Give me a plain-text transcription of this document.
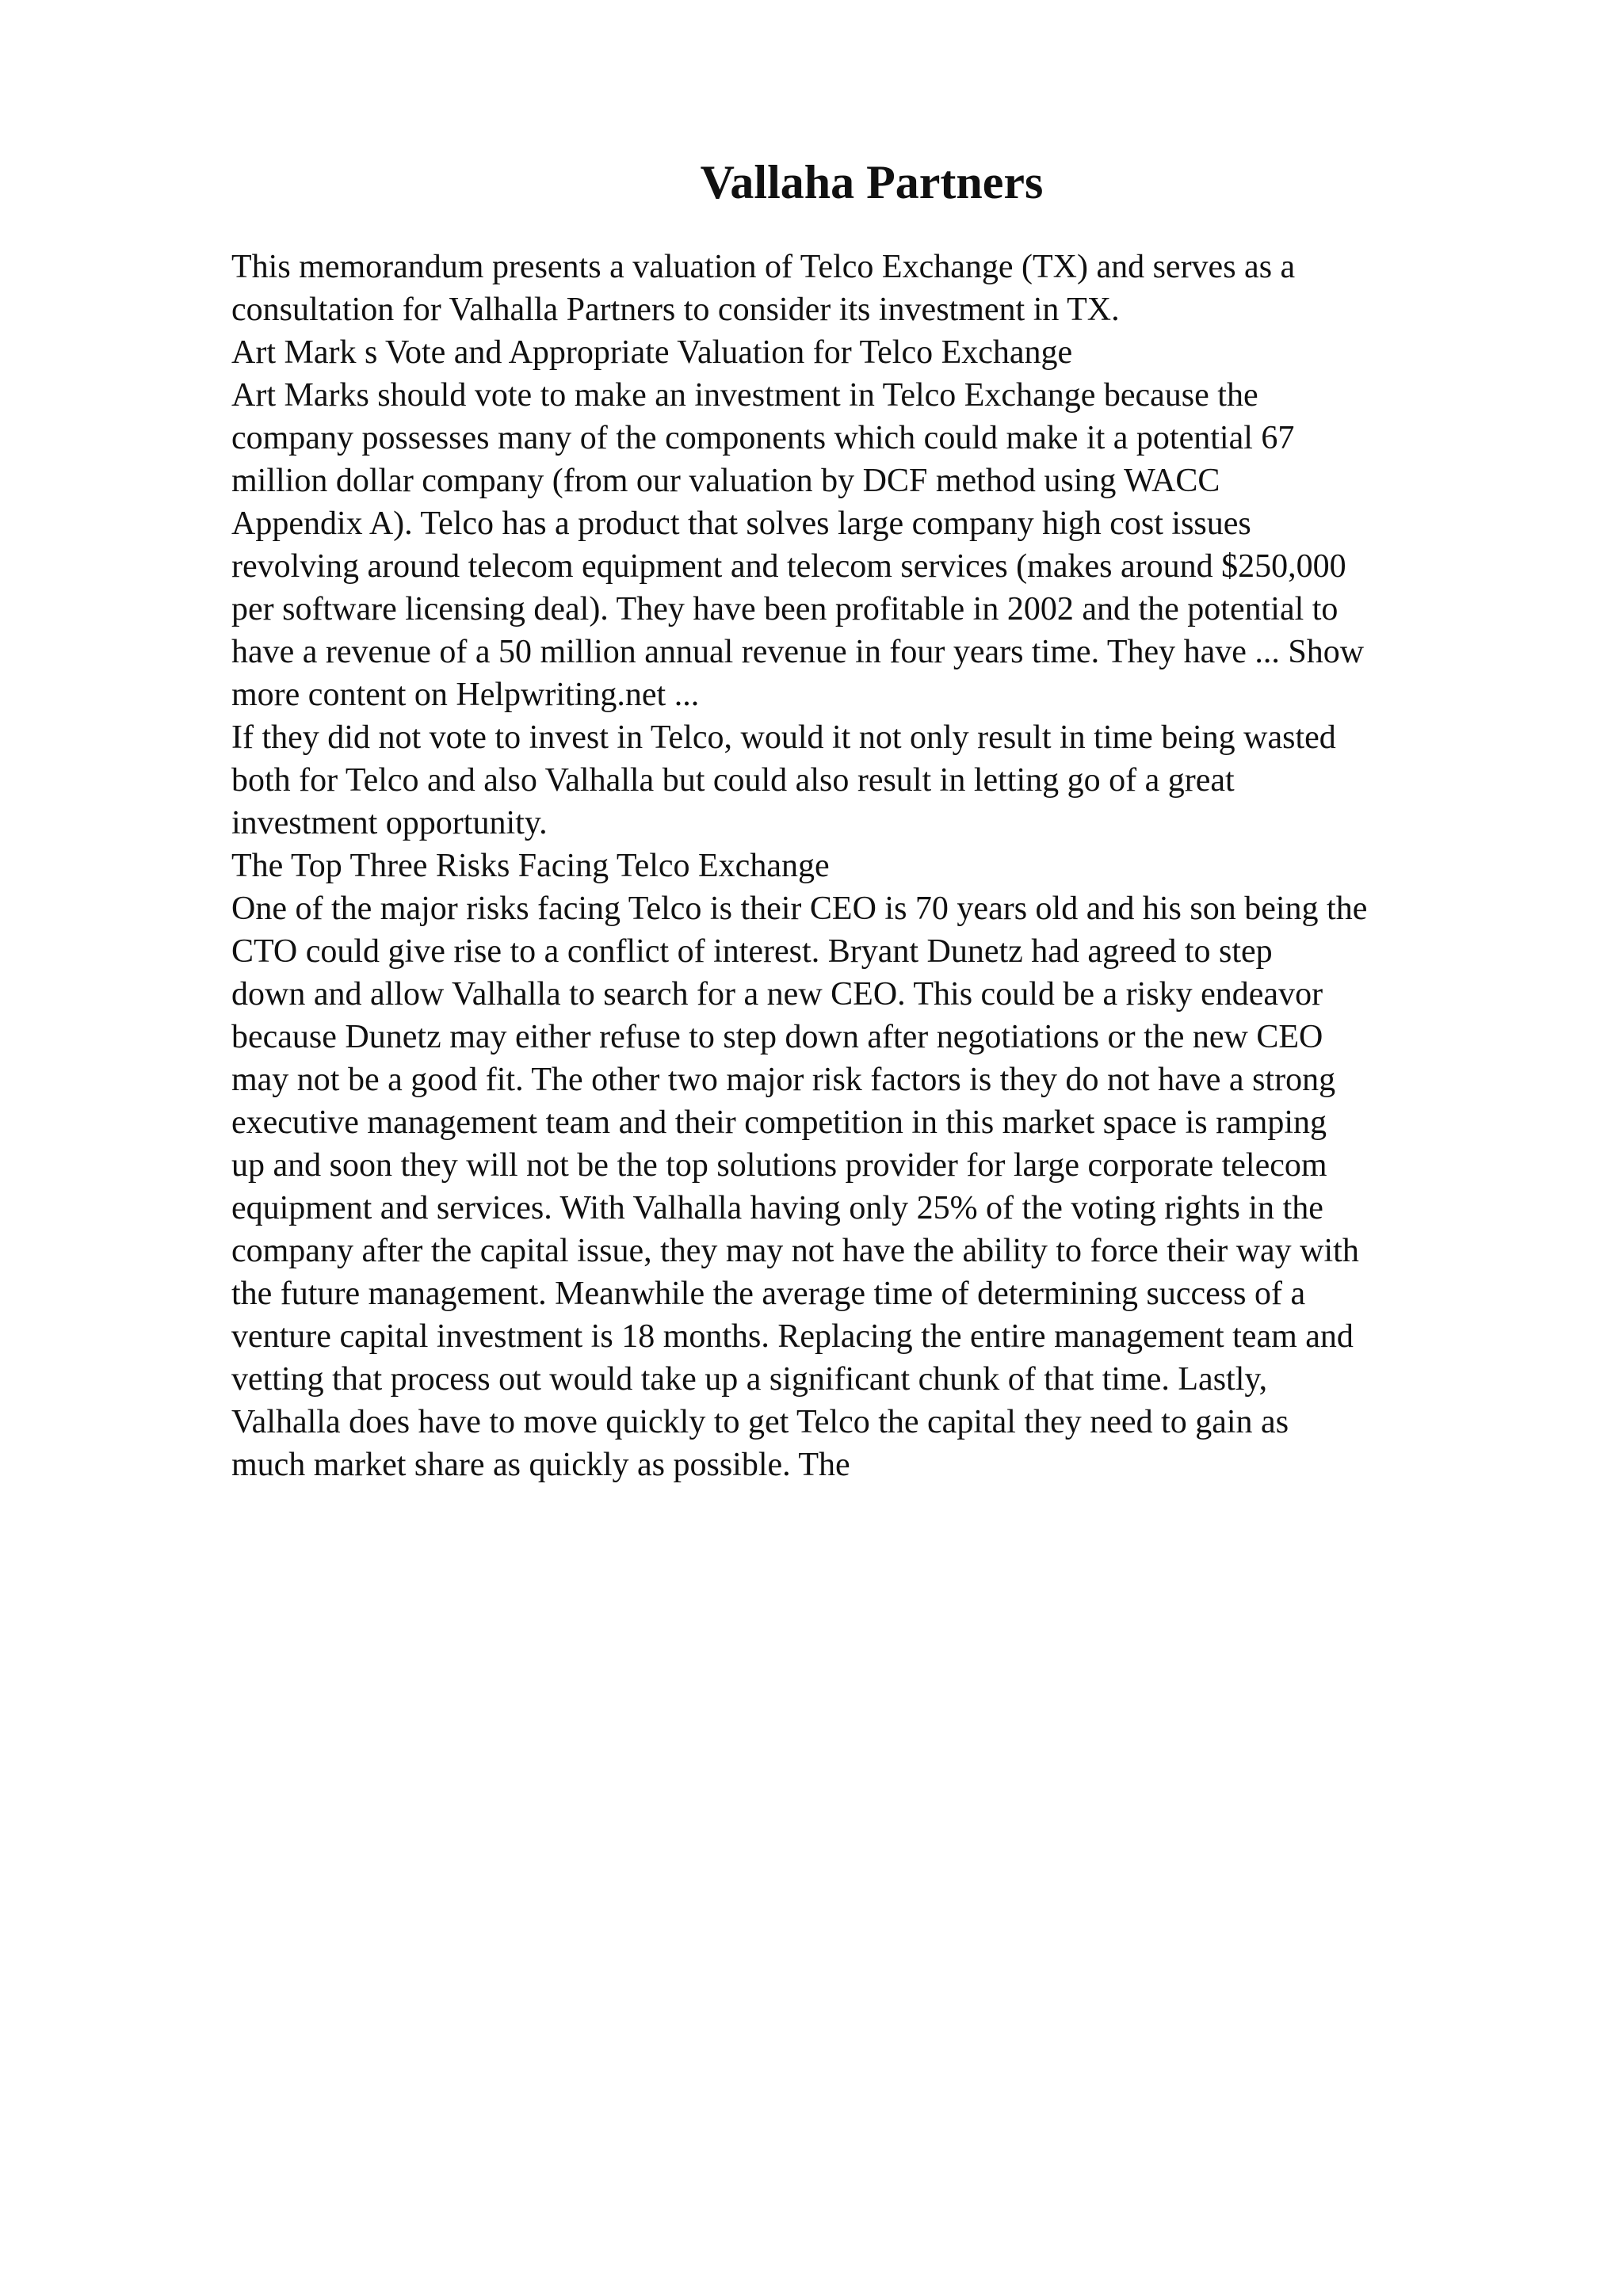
Vallaha Partners
This memorandum presents a valuation of Telco Exchange (TX) and serves as a
consultation for Valhalla Partners to consider its investment in TX.
Art Mark s Vote and Appropriate Valuation for Telco Exchange
Art Marks should vote to make an investment in Telco Exchange because the
company possesses many of the components which could make it a potential 67
million dollar company (from our valuation by DCF method using WACC
Appendix A). Telco has a product that solves large company high cost issues
revolving around telecom equipment and telecom services (makes around $250,000
per software licensing deal). They have been profitable in 2002 and the potential to
have a revenue of a 50 million annual revenue in four years time. They have ... Show
more content on Helpwriting.net ...
If they did not vote to invest in Telco, would it not only result in time being wasted
both for Telco and also Valhalla but could also result in letting go of a great
investment opportunity.
The Top Three Risks Facing Telco Exchange
One of the major risks facing Telco is their CEO is 70 years old and his son being the
CTO could give rise to a conflict of interest. Bryant Dunetz had agreed to step
down and allow Valhalla to search for a new CEO. This could be a risky endeavor
because Dunetz may either refuse to step down after negotiations or the new CEO
may not be a good fit. The other two major risk factors is they do not have a strong
executive management team and their competition in this market space is ramping
up and soon they will not be the top solutions provider for large corporate telecom
equipment and services. With Valhalla having only 25% of the voting rights in the
company after the capital issue, they may not have the ability to force their way with
the future management. Meanwhile the average time of determining success of a
venture capital investment is 18 months. Replacing the entire management team and
vetting that process out would take up a significant chunk of that time. Lastly,
Valhalla does have to move quickly to get Telco the capital they need to gain as
much market share as quickly as possible. The
